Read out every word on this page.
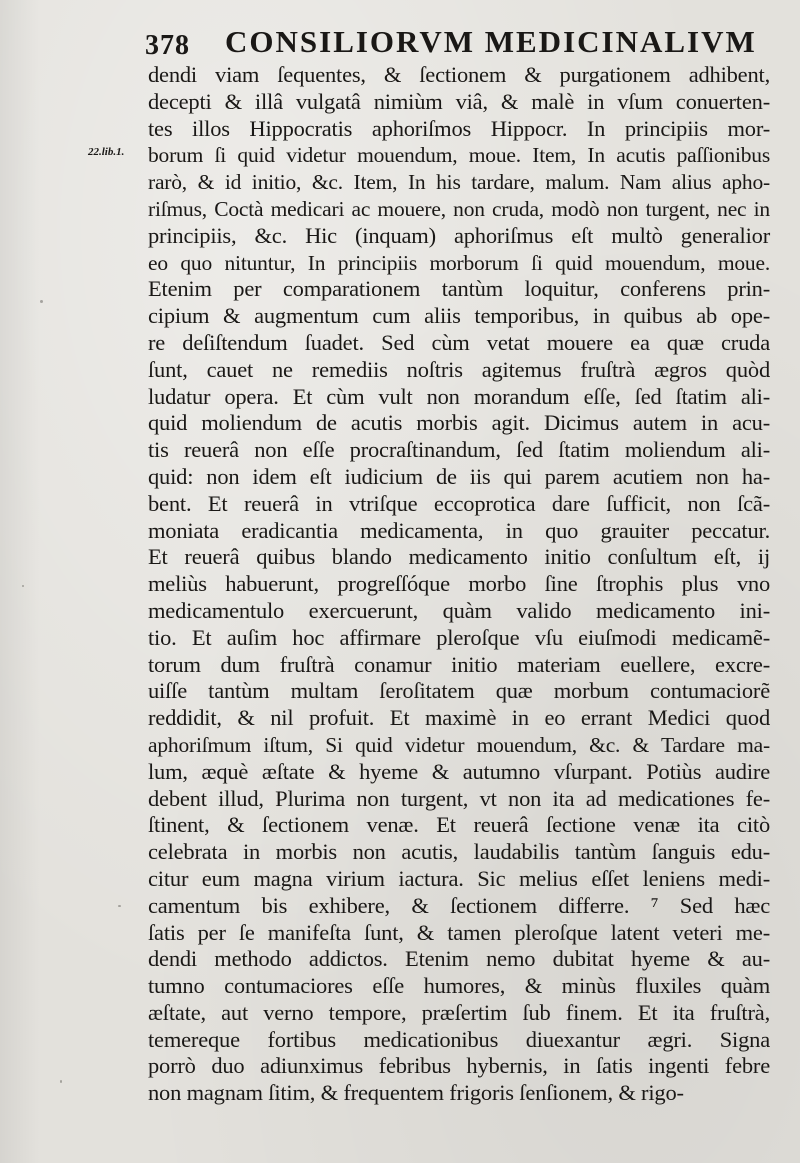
378 CONSILIORVM MEDICINALIVM
22.lib.1.
dendi viam ſequentes, & ſectionem & purgationem adhibent,
decepti & illâ vulgatâ nimiùm viâ, & malè in vſum conuerten-
tes illos Hippocratis aphoriſmos Hippocr. In principiis mor-
borum ſi quid videtur mouendum, moue. Item, In acutis paſſionibus
rarò, & id initio, &c. Item, In his tardare, malum. Nam alius apho-
riſmus, Coctà medicari ac mouere, non cruda, modò non turgent, nec in
principiis, &c. Hic (inquam) aphoriſmus eſt multò generalior
eo quo nituntur, In principiis morborum ſi quid mouendum, moue.
Etenim per comparationem tantùm loquitur, conferens prin-
cipium & augmentum cum aliis temporibus, in quibus ab ope-
re deſiſtendum ſuadet. Sed cùm vetat mouere ea quæ cruda
ſunt, cauet ne remediis noſtris agitemus fruſtrà ægros quòd
ludatur opera. Et cùm vult non morandum eſſe, ſed ſtatim ali-
quid moliendum de acutis morbis agit. Dicimus autem in acu-
tis reuerâ non eſſe procraſtinandum, ſed ſtatim moliendum ali-
quid: non idem eſt iudicium de iis qui parem acutiem non ha-
bent. Et reuerâ in vtriſque eccoprotica dare ſufficit, non ſcã-
moniata eradicantia medicamenta, in quo grauiter peccatur.
Et reuerâ quibus blando medicamento initio conſultum eſt, ij
meliùs habuerunt, progreſſóque morbo ſine ſtrophis plus vno
medicamentulo exercuerunt, quàm valido medicamento ini-
tio. Et auſim hoc affirmare pleroſque vſu eiuſmodi medicamẽ-
torum dum fruſtrà conamur initio materiam euellere, excre-
uiſſe tantùm multam ſeroſitatem quæ morbum contumaciorẽ
reddidit, & nil profuit. Et maximè in eo errant Medici quod
aphoriſmum iſtum, Si quid videtur mouendum, &c. & Tardare ma-
lum, æquè æſtate & hyeme & autumno vſurpant. Potiùs audire
debent illud, Plurima non turgent, vt non ita ad medicationes fe-
ſtinent, & ſectionem venæ. Et reuerâ ſectione venæ ita citò
celebrata in morbis non acutis, laudabilis tantùm ſanguis edu-
citur eum magna virium iactura. Sic melius eſſet leniens medi-
camentum bis exhibere, & ſectionem differre. ⁷ Sed hæc
ſatis per ſe manifeſta ſunt, & tamen pleroſque latent veteri me-
dendi methodo addictos. Etenim nemo dubitat hyeme & au-
tumno contumaciores eſſe humores, & minùs fluxiles quàm
æſtate, aut verno tempore, præſertim ſub finem. Et ita fruſtrà,
temereque fortibus medicationibus diuexantur ægri. Signa
porrò duo adiunximus febribus hybernis, in ſatis ingenti febre
non magnam ſitim, & frequentem frigoris ſenſionem, & rigo-
